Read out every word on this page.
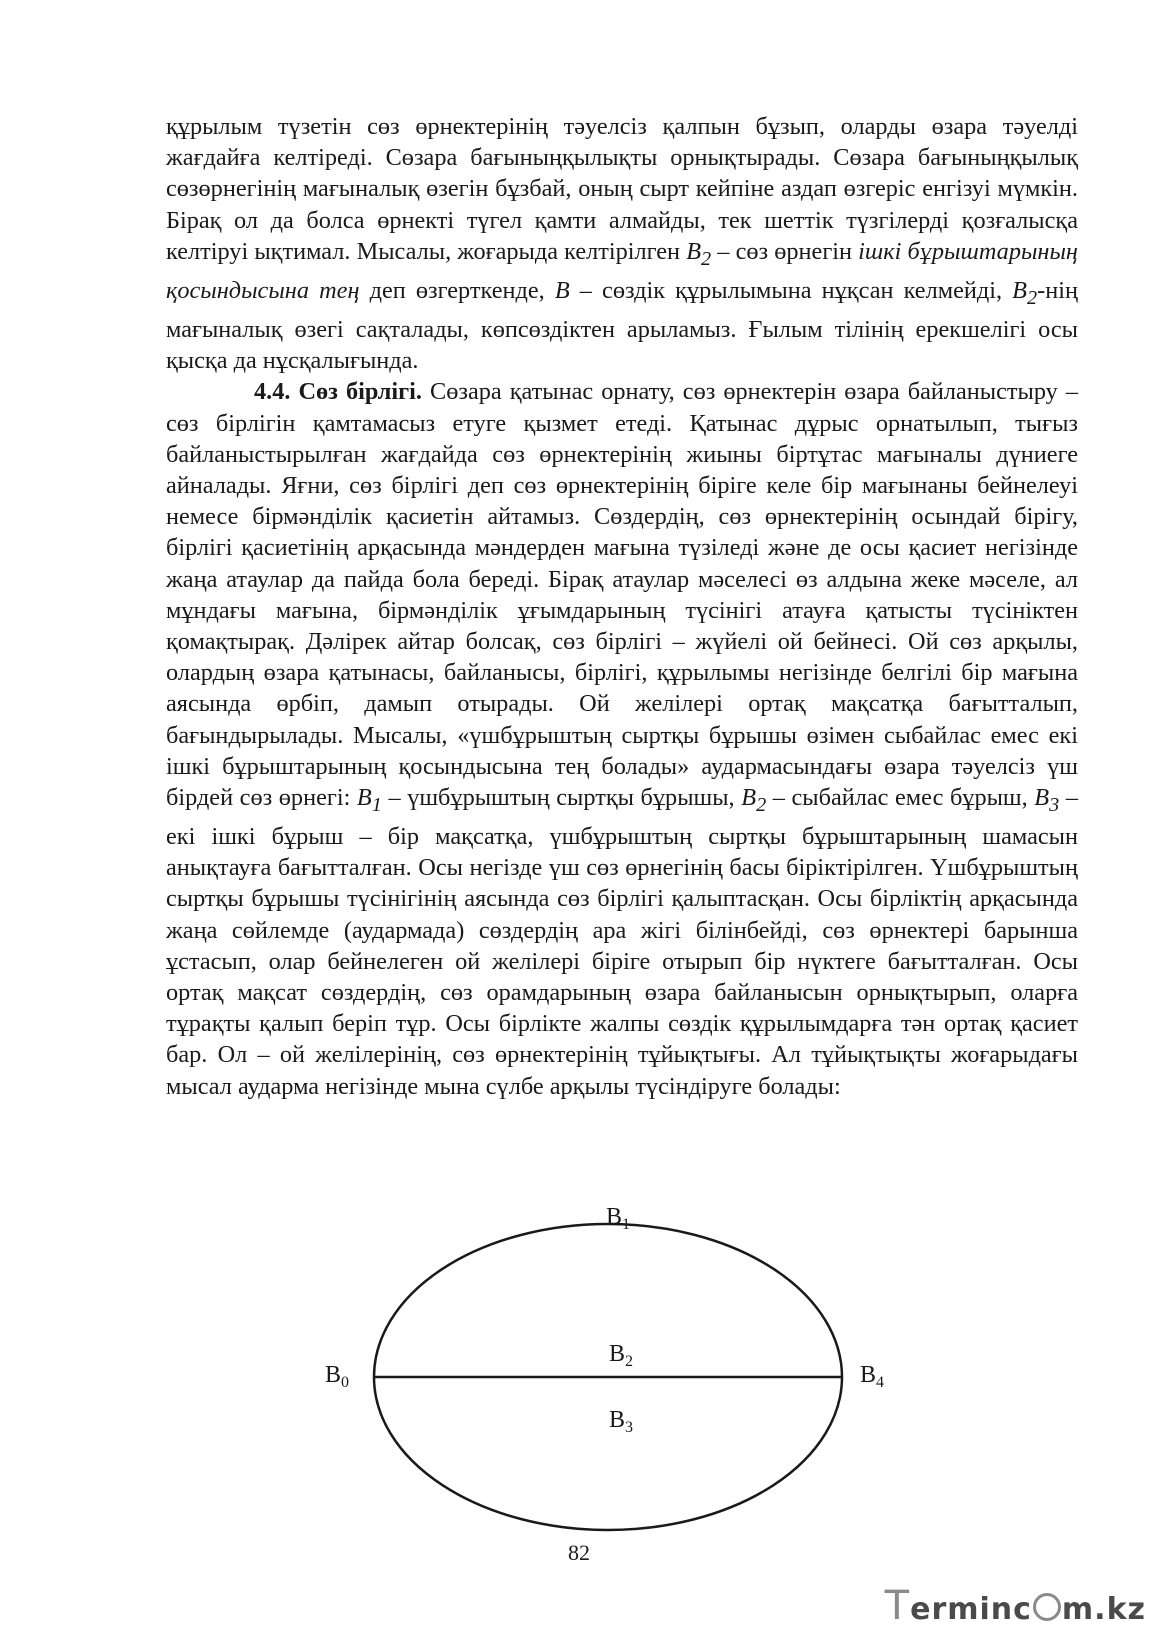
құрылым түзетін сөз өрнектерінің тәуелсіз қалпын бұзып, оларды өзара тәуелді жағдайға келтіреді. Сөзара бағыныңқылықты орнықтырады. Сөзара бағыныңқылық сөзөрнегінің мағыналық өзегін бұзбай, оның сырт кейпіне аздап өзгеріс енгізуі мүмкін. Бірақ ол да болса өрнекті түгел қамти алмайды, тек шеттік түзгілерді қозғалысқа келтіруі ықтимал. Мысалы, жоғарыда келтірілген $B_2$ – сөз өрнегін ішкі бұрыштарының қосындысына тең деп өзгерткенде, B – сөздік құрылымына нұқсан келмейді, $B_2$-нің мағыналық өзегі сақталады, көпсөздіктен арыламыз. Ғылым тілінің ерекшелігі осы қысқа да нұсқалығында.

4.4. Сөз бірлігі. Сөзара қатынас орнату, сөз өрнектерін өзара байланыстыру – сөз бірлігін қамтамасыз етуге қызмет етеді. Қатынас дұрыс орнатылып, тығыз байланыстырылған жағдайда сөз өрнектерінің жиыны біртұтас мағыналы дүниеге айналады. Яғни, сөз бірлігі деп сөз өрнектерінің біріге келе бір мағынаны бейнелеуі немесе бірмәнділік қасиетін айтамыз. Сөздердің, сөз өрнектерінің осындай бірігу, бірлігі қасиетінің арқасында мәндерден мағына түзіледі және де осы қасиет негізінде жаңа атаулар да пайда бола береді. Бірақ атаулар мәселесі өз алдына жеке мәселе, ал мұндағы мағына, бірмәнділік ұғымдарының түсінігі атауға қатысты түсініктен қомақтырақ. Дәлірек айтар болсақ, сөз бірлігі – жүйелі ой бейнесі. Ой сөз арқылы, олардың өзара қатынасы, байланысы, бірлігі, құрылымы негізінде белгілі бір мағына аясында өрбіп, дамып отырады. Ой желілері ортақ мақсатқа бағытталып, бағындырылады. Мысалы, «үшбұрыштың сыртқы бұрышы өзімен сыбайлас емес екі ішкі бұрыштарының қосындысына тең болады» аудармасындағы өзара тәуелсіз үш бірдей сөз өрнегі: $B_1$ – үшбұрыштың сыртқы бұрышы, $B_2$ – сыбайлас емес бұрыш, $B_3$ – екі ішкі бұрыш – бір мақсатқа, үшбұрыштың сыртқы бұрыштарының шамасын анықтауға бағытталған. Осы негізде үш сөз өрнегінің басы біріктірілген. Үшбұрыштың сыртқы бұрышы түсінігінің аясында сөз бірлігі қалыптасқан. Осы бірліктің арқасында жаңа сөйлемде (аудармада) сөздердің ара жігі білінбейді, сөз өрнектері барынша ұстасып, олар бейнелеген ой желілері біріге отырып бір нүктеге бағытталған. Осы ортақ мақсат сөздердің, сөз орамдарының өзара байланысын орнықтырып, оларға тұрақты қалып беріп тұр. Осы бірлікте жалпы сөздік құрылымдарға тән ортақ қасиет бар. Ол – ой желілерінің, сөз өрнектерінің тұйықтығы. Ал тұйықтықты жоғарыдағы мысал аударма негізінде мына сүлбе арқылы түсіндіруге болады:

$B_1$
$B_0$
$B_2$
$B_4$
$B_3$
82
Terminc m.kz
